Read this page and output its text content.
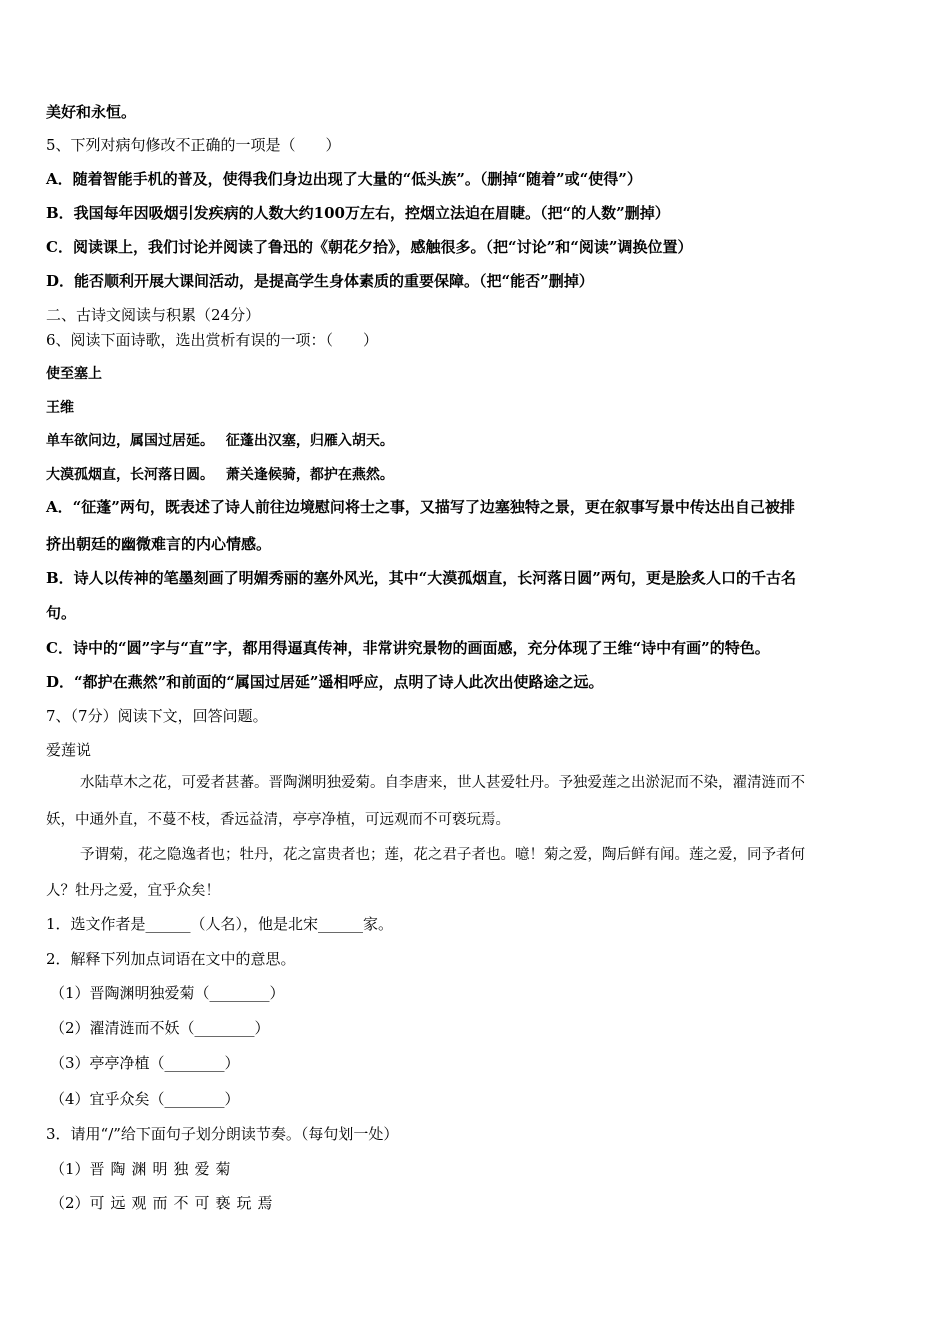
美好和永恒。
5、下列对病句修改不正确的一项是（　　）
A．随着智能手机的普及，使得我们身边出现了大量的“低头族”。（删掉“随着”或“使得”）
B．我国每年因吸烟引发疾病的人数大约100万左右，控烟立法迫在眉睫。（把“的人数”删掉）
C．阅读课上，我们讨论并阅读了鲁迅的《朝花夕拾》，感触很多。（把“讨论”和“阅读”调换位置）
D．能否顺利开展大课间活动，是提高学生身体素质的重要保障。（把“能否”删掉）
二、古诗文阅读与积累（24分）
6、阅读下面诗歌，选出赏析有误的一项：（　　）
使至塞上
王维
单车欲问边，属国过居延。　 征蓬出汉塞，归雁入胡天。
大漠孤烟直，长河落日圆。　 萧关逢候骑，都护在燕然。
A．“征蓬”两句，既表述了诗人前往边境慰问将士之事，又描写了边塞独特之景，更在叙事写景中传达出自己被排
挤出朝廷的幽微难言的内心情感。
B．诗人以传神的笔墨刻画了明媚秀丽的塞外风光，其中“大漠孤烟直，长河落日圆”两句，更是脍炙人口的千古名
句。
C．诗中的“圆”字与“直”字，都用得逼真传神，非常讲究景物的画面感，充分体现了王维“诗中有画”的特色。
D．“都护在燕然”和前面的“属国过居延”遥相呼应，点明了诗人此次出使路途之远。
7、（7分）阅读下文，回答问题。
爱莲说
水陆草木之花，可爱者甚蕃。晋陶渊明独爱菊。自李唐来，世人甚爱牡丹。予独爱莲之出淤泥而不染，濯清涟而不
妖，中通外直，不蔓不枝，香远益清，亭亭净植，可远观而不可亵玩焉。
予谓菊，花之隐逸者也；牡丹，花之富贵者也；莲，花之君子者也。噫！菊之爱，陶后鲜有闻。莲之爱，同予者何
人？牡丹之爱，宜乎众矣！
1．选文作者是______（人名），他是北宋______家。
2．解释下列加点词语在文中的意思。
（1）晋陶渊明独爱菊（________）
（2）濯清涟而不妖（________）
（3）亭亭净植（________）
（4）宜乎众矣（________）
3．请用“/”给下面句子划分朗读节奏。（每句划一处）
（1）晋陶渊明独爱菊
（2）可远观而不可亵玩焉
